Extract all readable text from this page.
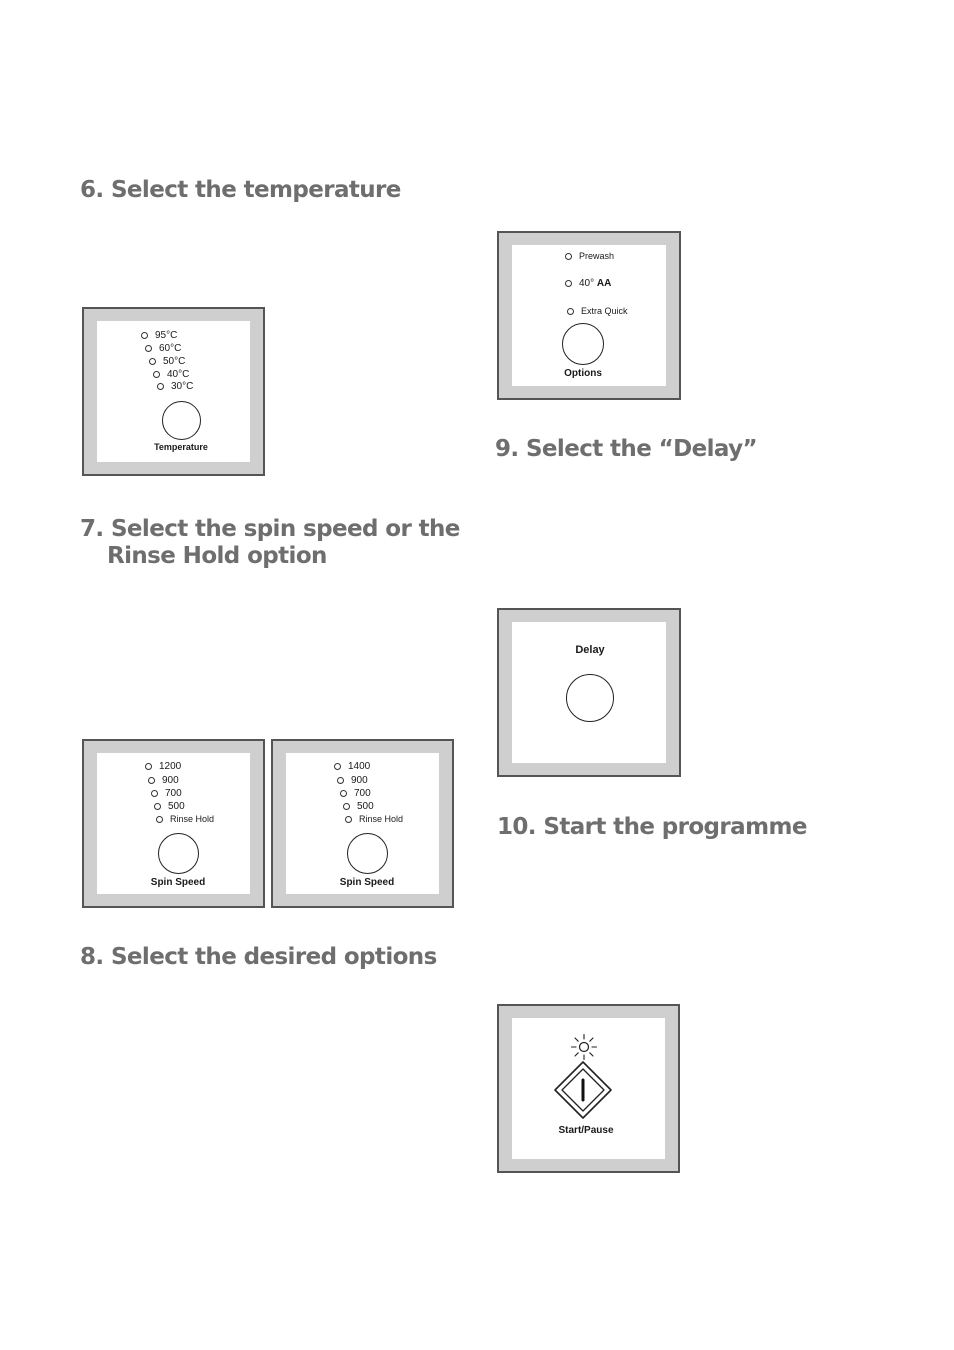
6. Select the temperature
7. Select the spin speed or the
Rinse Hold option
8. Select the desired options
9. Select the “Delay”
10. Start the programme
95°C
60°C
50°C
40°C
30°C
Temperature
1200
900
700
500
Rinse Hold
Spin Speed
1400
900
700
500
Rinse Hold
Spin Speed
Prewash
40°
AA
Extra Quick
Options
Delay
Start/Pause
